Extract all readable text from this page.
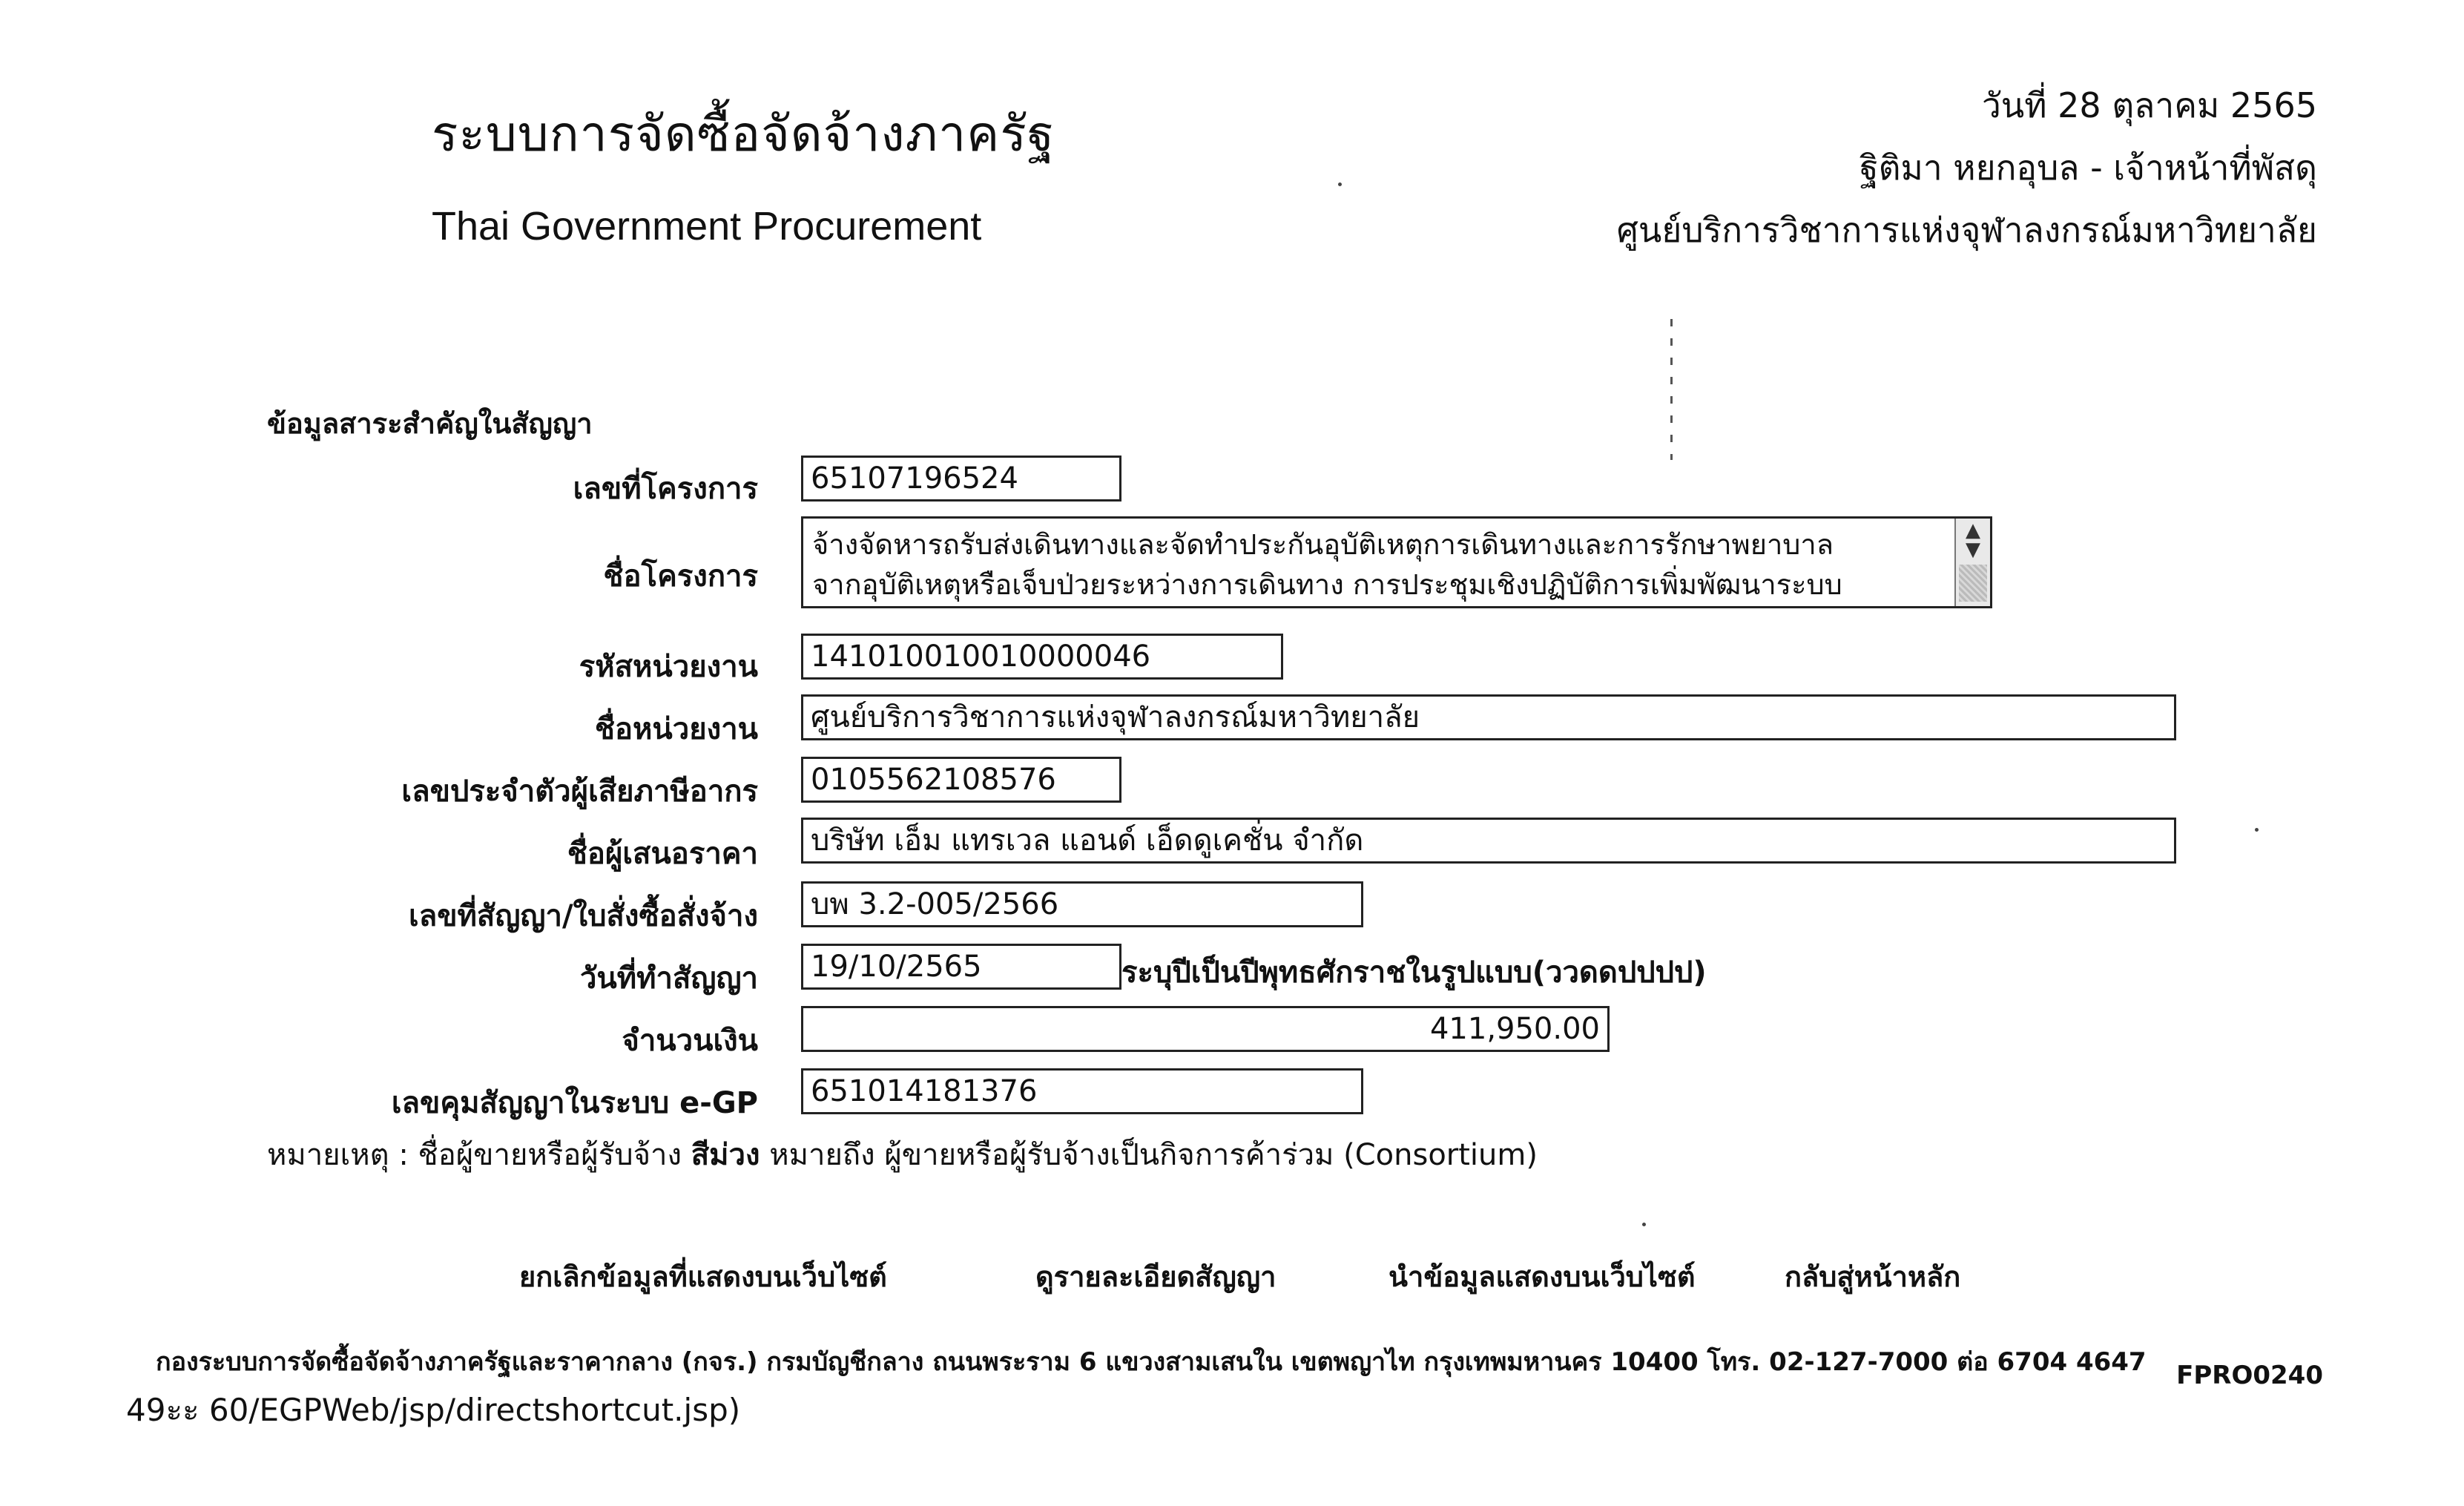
ระบบการจัดซื้อจัดจ้างภาครัฐ
Thai Government Procurement
วันที่ 28 ตุลาคม 2565
ฐิติมา หยกอุบล - เจ้าหน้าที่พัสดุ
ศูนย์บริการวิชาการแห่งจุฬาลงกรณ์มหาวิทยาลัย
ข้อมูลสาระสำคัญในสัญญา
เลขที่โครงการ	65107196524
ชื่อโครงการ
จ้างจัดหารถรับส่งเดินทางและจัดทำประกันอุบัติเหตุการเดินทางและการรักษาพยาบาล
จากอุบัติเหตุหรือเจ็บป่วยระหว่างการเดินทาง การประชุมเชิงปฏิบัติการเพิ่มพัฒนาระบบ
▲
▼
รหัสหน่วยงาน	141010010010000046
ชื่อหน่วยงาน	ศูนย์บริการวิชาการแห่งจุฬาลงกรณ์มหาวิทยาลัย
เลขประจำตัวผู้เสียภาษีอากร	0105562108576
ชื่อผู้เสนอราคา	บริษัท เอ็ม แทรเวล แอนด์ เอ็ดดูเคชั่น จำกัด
เลขที่สัญญา/ใบสั่งซื้อสั่งจ้าง	บพ 3.2-005/2566
วันที่ทำสัญญา	19/10/2565	ระบุปีเป็นปีพุทธศักราชในรูปแบบ(ววดดปปปป)
จำนวนเงิน	411,950.00
เลขคุมสัญญาในระบบ e-GP	651014181376
หมายเหตุ : ชื่อผู้ขายหรือผู้รับจ้าง สีม่วง หมายถึง ผู้ขายหรือผู้รับจ้างเป็นกิจการค้าร่วม (Consortium)
ยกเลิกข้อมูลที่แสดงบนเว็บไซต์	ดูรายละเอียดสัญญา	นำข้อมูลแสดงบนเว็บไซต์	กลับสู่หน้าหลัก
กองระบบการจัดซื้อจัดจ้างภาครัฐและราคากลาง (กจร.) กรมบัญชีกลาง ถนนพระราม 6 แขวงสามเสนใน เขตพญาไท กรุงเทพมหานคร 10400 โทร. 02-127-7000 ต่อ 6704 4647 FPRO0240
49ะะ 60/EGPWeb/jsp/directshortcut.jsp)
